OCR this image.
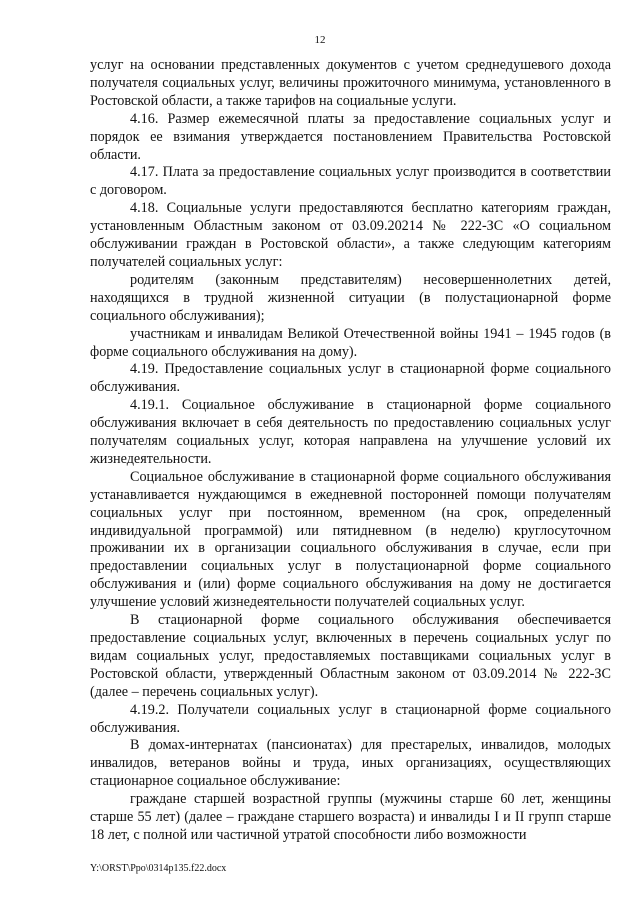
12

услуг на основании представленных документов с учетом среднедушевого дохода получателя социальных услуг, величины прожиточного минимума, установленного в Ростовской области, а также тарифов на социальные услуги.

4.16. Размер ежемесячной платы за предоставление социальных услуг и порядок ее взимания утверждается постановлением Правительства Ростовской области.

4.17. Плата за предоставление социальных услуг производится в соответствии с договором.

4.18. Социальные услуги предоставляются бесплатно категориям граждан, установленным Областным законом от 03.09.20214 № 222-ЗС «О социальном обслуживании граждан в Ростовской области», а также следующим категориям получателей социальных услуг:

родителям (законным представителям) несовершеннолетних детей, находящихся в трудной жизненной ситуации (в полустационарной форме социального обслуживания);

участникам и инвалидам Великой Отечественной войны 1941 – 1945 годов (в форме социального обслуживания на дому).

4.19. Предоставление социальных услуг в стационарной форме социального обслуживания.

4.19.1. Социальное обслуживание в стационарной форме социального обслуживания включает в себя деятельность по предоставлению социальных услуг получателям социальных услуг, которая направлена на улучшение условий их жизнедеятельности.

Социальное обслуживание в стационарной форме социального обслуживания устанавливается нуждающимся в ежедневной посторонней помощи получателям социальных услуг при постоянном, временном (на срок, определенный индивидуальной программой) или пятидневном (в неделю) круглосуточном проживании их в организации социального обслуживания в случае, если при предоставлении социальных услуг в полустационарной форме социального обслуживания и (или) форме социального обслуживания на дому не достигается улучшение условий жизнедеятельности получателей социальных услуг.

В стационарной форме социального обслуживания обеспечивается предоставление социальных услуг, включенных в перечень социальных услуг по видам социальных услуг, предоставляемых поставщиками социальных услуг в Ростовской области, утвержденный Областным законом от 03.09.2014 № 222-ЗС (далее – перечень социальных услуг).

4.19.2. Получатели социальных услуг в стационарной форме социального обслуживания.

В домах-интернатах (пансионатах) для престарелых, инвалидов, молодых инвалидов, ветеранов войны и труда, иных организациях, осуществляющих стационарное социальное обслуживание:

граждане старшей возрастной группы (мужчины старше 60 лет, женщины старше 55 лет) (далее – граждане старшего возраста) и инвалиды I и II групп старше 18 лет, с полной или частичной утратой способности либо возможности

Y:\ORST\Ppo\0314p135.f22.docx
